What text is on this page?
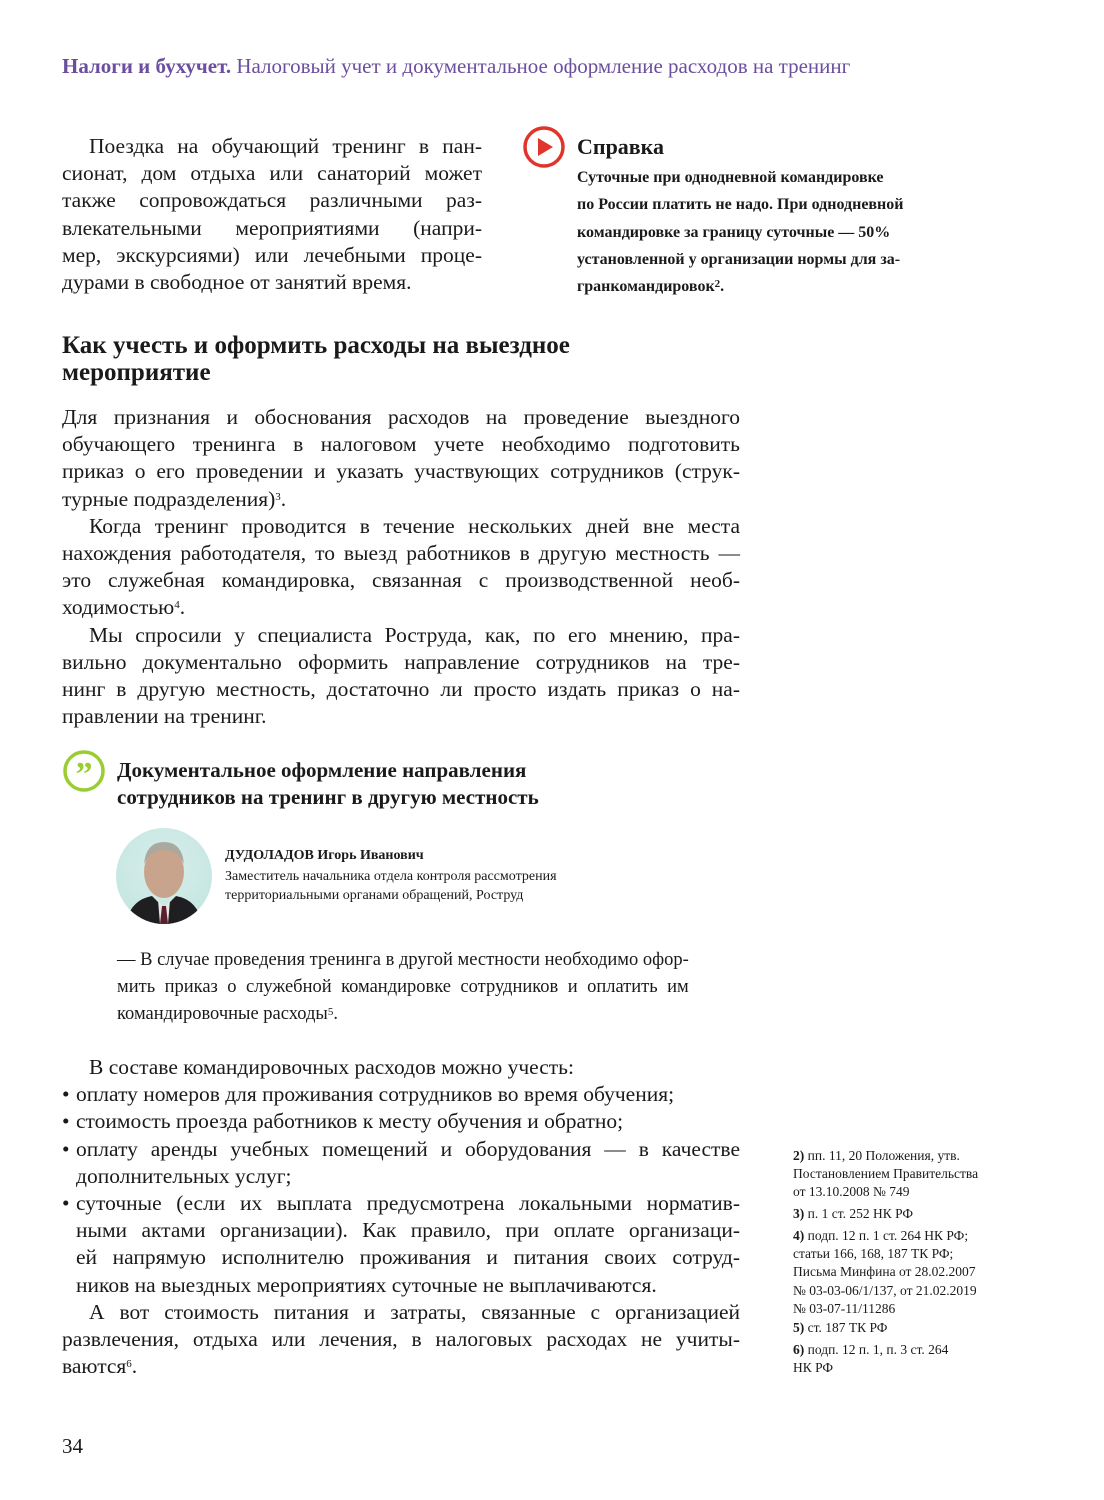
Налоги и бухучет. Налоговый учет и документальное оформление расходов на тренинг
Поездка на обучающий тренинг в пан-
сионат, дом отдыха или санаторий может
также сопровождаться различными раз-
влекательными мероприятиями (напри-
мер, экскурсиями) или лечебными проце-
дурами в свободное от занятий время.
Справка
Суточные при однодневной командировке
по России платить не надо. При однодневной
командировке за границу суточные — 50%
установленной у организации нормы для за-
гранкомандировок$^2$.
Как учесть и оформить расходы на выездное
мероприятие
Для признания и обоснования расходов на проведение выездного
обучающего тренинга в налоговом учете необходимо подготовить
приказ о его проведении и указать участвующих сотрудников (струк-
турные подразделения)$^3$.
Когда тренинг проводится в течение нескольких дней вне места
нахождения работодателя, то выезд работников в другую местность —
это служебная командировка, связанная с производственной необ-
ходимостью$^4$.
Мы спросили у специалиста Роструда, как, по его мнению, пра-
вильно документально оформить направление сотрудников на тре-
нинг в другую местность, достаточно ли просто издать приказ о на-
правлении на тренинг.
” Документальное оформление направления
сотрудников на тренинг в другую местность
ДУДОЛАДОВ Игорь Иванович
Заместитель начальника отдела контроля рассмотрения
территориальными органами обращений, Роструд
— В случае проведения тренинга в другой местности необходимо офор-
мить приказ о служебной командировке сотрудников и оплатить им
командировочные расходы$^5$.
В составе командировочных расходов можно учесть:
• оплату номеров для проживания сотрудников во время обучения;
• стоимость проезда работников к месту обучения и обратно;
• оплату аренды учебных помещений и оборудования — в качестве
дополнительных услуг;
• суточные (если их выплата предусмотрена локальными норматив-
ными актами организации). Как правило, при оплате организаци-
ей напрямую исполнителю проживания и питания своих сотруд-
ников на выездных мероприятиях суточные не выплачиваются.
А вот стоимость питания и затраты, связанные с организацией
развлечения, отдыха или лечения, в налоговых расходах не учиты-
ваются$^6$.
2) пп. 11, 20 Положения, утв.
Постановлением Правительства
от 13.10.2008 № 749
3) п. 1 ст. 252 НК РФ
4) подп. 12 п. 1 ст. 264 НК РФ;
статьи 166, 168, 187 ТК РФ;
Письма Минфина от 28.02.2007
№ 03-03-06/1/137, от 21.02.2019
№ 03-07-11/11286
5) ст. 187 ТК РФ
6) подп. 12 п. 1, п. 3 ст. 264
НК РФ
34
